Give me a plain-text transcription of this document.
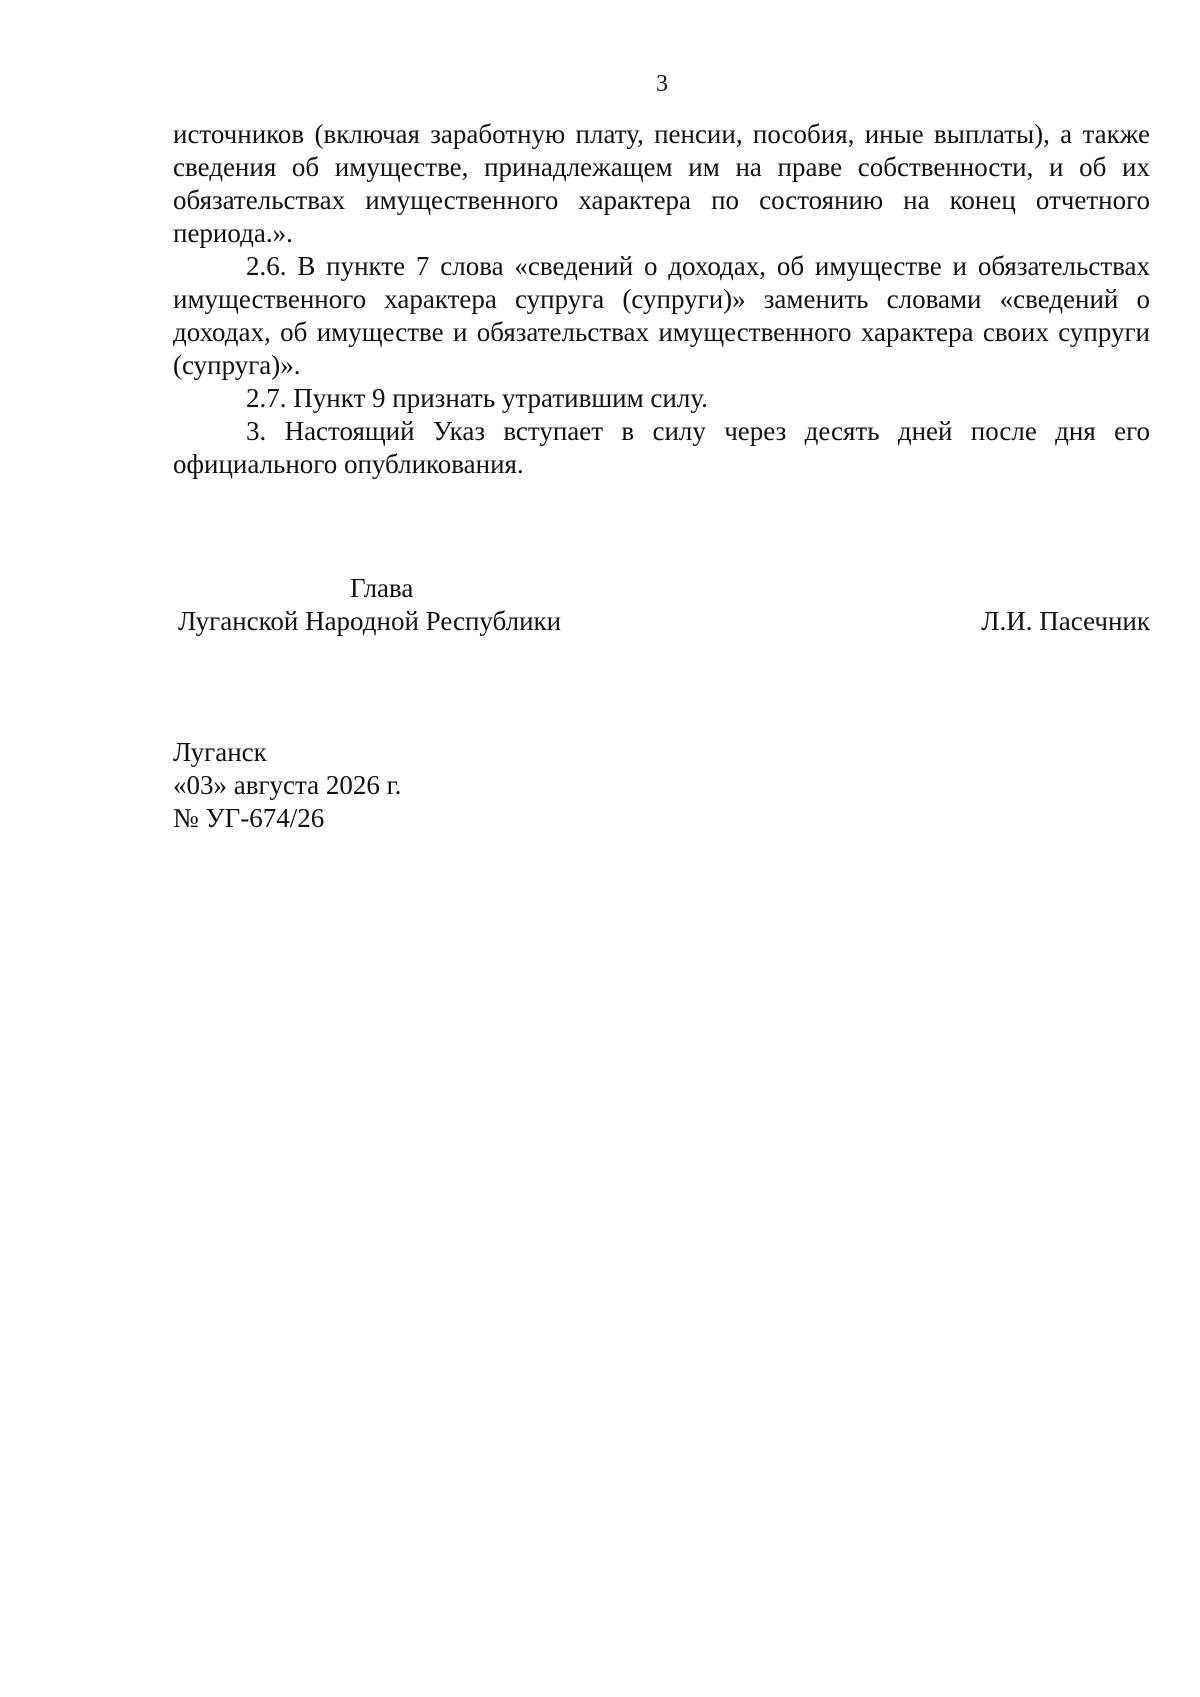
3

источников (включая заработную плату, пенсии, пособия, иные выплаты), а также сведения об имуществе, принадлежащем им на праве собственности, и об их обязательствах имущественного характера по состоянию на конец отчетного периода.».

2.6. В пункте 7 слова «сведений о доходах, об имуществе и обязательствах имущественного характера супруга (супруги)» заменить словами «сведений о доходах, об имуществе и обязательствах имущественного характера своих супруги (супруга)».

2.7. Пункт 9 признать утратившим силу.

3. Настоящий Указ вступает в силу через десять дней после дня его официального опубликования.

Глава
Луганской Народной Республики	Л.И. Пасечник
Луганск
«03» августа 2026 г.
№ УГ-674/26
